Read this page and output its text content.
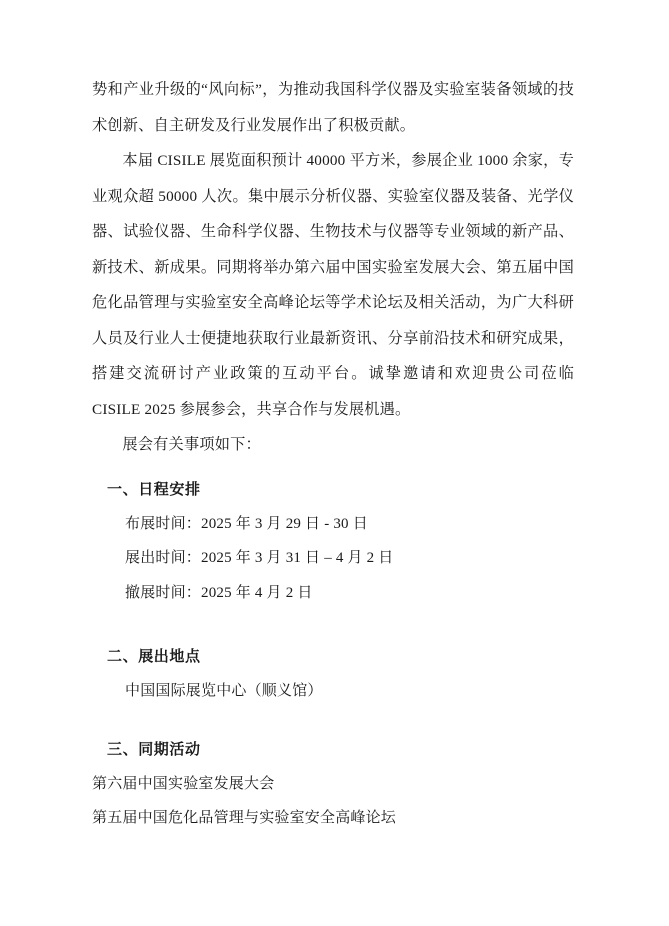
势和产业升级的“风向标”，为推动我国科学仪器及实验室装备领域的技术创新、自主研发及行业发展作出了积极贡献。

本届 CISILE 展览面积预计 40000 平方米，参展企业 1000 余家，专业观众超 50000 人次。集中展示分析仪器、实验室仪器及装备、光学仪器、试验仪器、生命科学仪器、生物技术与仪器等专业领域的新产品、新技术、新成果。同期将举办第六届中国实验室发展大会、第五届中国危化品管理与实验室安全高峰论坛等学术论坛及相关活动，为广大科研人员及行业人士便捷地获取行业最新资讯、分享前沿技术和研究成果，搭建交流研讨产业政策的互动平台。诚挚邀请和欢迎贵公司莅临 CISILE 2025 参展参会，共享合作与发展机遇。

展会有关事项如下：

一、日程安排

布展时间：2025 年 3 月 29 日 - 30 日

展出时间：2025 年 3 月 31 日 – 4 月 2 日

撤展时间：2025 年 4 月 2 日

二、展出地点

中国国际展览中心（顺义馆）

三、同期活动

第六届中国实验室发展大会

第五届中国危化品管理与实验室安全高峰论坛
